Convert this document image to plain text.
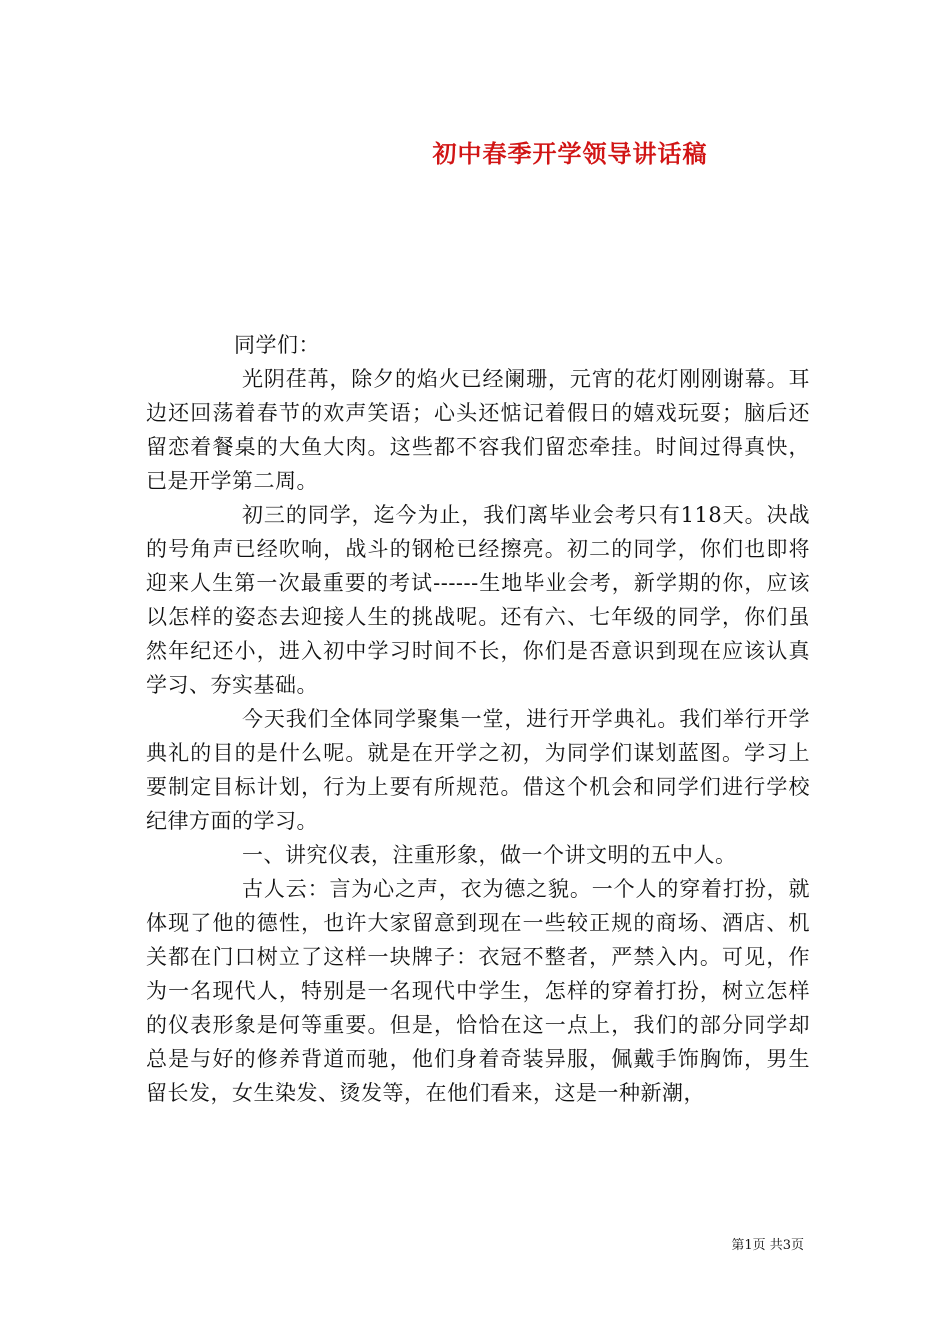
初中春季开学领导讲话稿

同学们：

光阴荏苒，除夕的焰火已经阑珊，元宵的花灯刚刚谢幕。耳边还回荡着春节的欢声笑语；心头还惦记着假日的嬉戏玩耍；脑后还留恋着餐桌的大鱼大肉。这些都不容我们留恋牵挂。时间过得真快，已是开学第二周。

初三的同学，迄今为止，我们离毕业会考只有118天。决战的号角声已经吹响，战斗的钢枪已经擦亮。初二的同学，你们也即将迎来人生第一次最重要的考试------生地毕业会考，新学期的你，应该以怎样的姿态去迎接人生的挑战呢。还有六、七年级的同学，你们虽然年纪还小，进入初中学习时间不长，你们是否意识到现在应该认真学习、夯实基础。

今天我们全体同学聚集一堂，进行开学典礼。我们举行开学典礼的目的是什么呢。就是在开学之初，为同学们谋划蓝图。学习上要制定目标计划，行为上要有所规范。借这个机会和同学们进行学校纪律方面的学习。

一、讲究仪表，注重形象，做一个讲文明的五中人。

古人云：言为心之声，衣为德之貌。一个人的穿着打扮，就体现了他的德性，也许大家留意到现在一些较正规的商场、酒店、机关都在门口树立了这样一块牌子：衣冠不整者，严禁入内。可见，作为一名现代人，特别是一名现代中学生，怎样的穿着打扮，树立怎样的仪表形象是何等重要。但是，恰恰在这一点上，我们的部分同学却总是与好的修养背道而驰，他们身着奇装异服，佩戴手饰胸饰，男生留长发，女生染发、烫发等，在他们看来，这是一种新潮，

第1页 共3页
